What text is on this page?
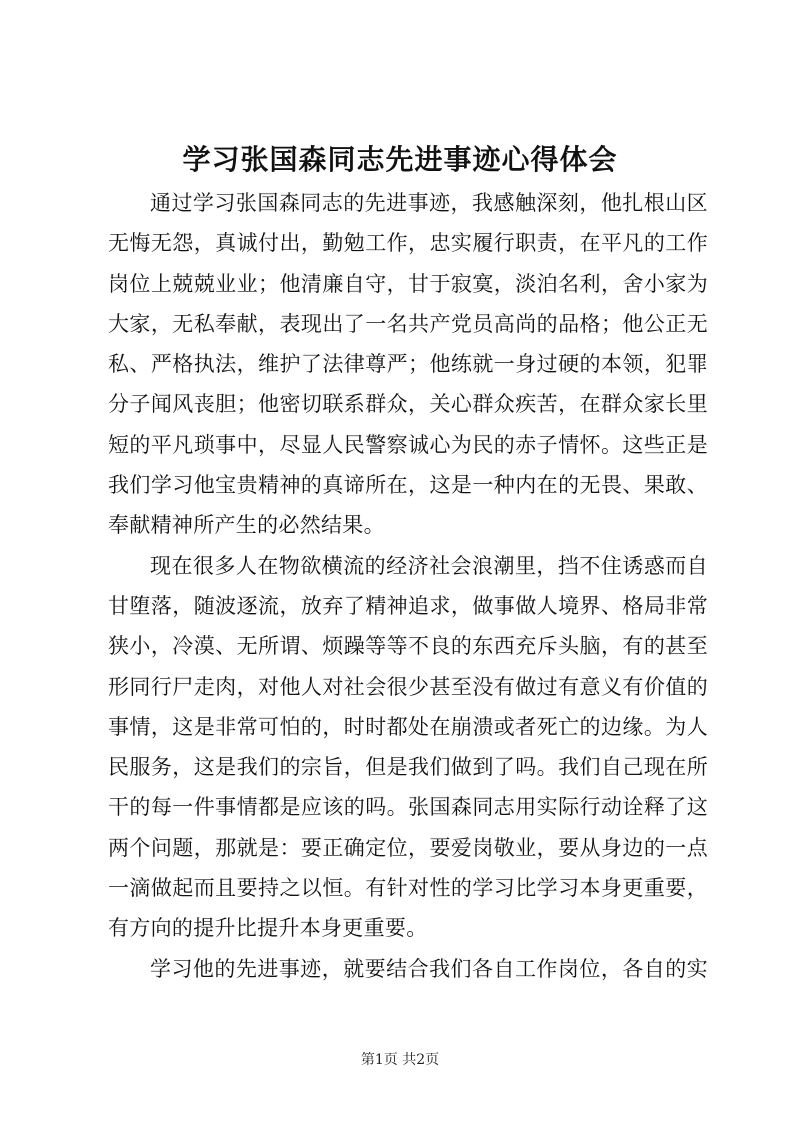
学习张国森同志先进事迹心得体会

通过学习张国森同志的先进事迹，我感触深刻，他扎根山区
无悔无怨，真诚付出，勤勉工作，忠实履行职责，在平凡的工作
岗位上兢兢业业；他清廉自守，甘于寂寞，淡泊名利，舍小家为
大家，无私奉献，表现出了一名共产党员高尚的品格；他公正无
私、严格执法，维护了法律尊严；他练就一身过硬的本领，犯罪
分子闻风丧胆；他密切联系群众，关心群众疾苦，在群众家长里
短的平凡琐事中，尽显人民警察诚心为民的赤子情怀。这些正是
我们学习他宝贵精神的真谛所在，这是一种内在的无畏、果敢、
奉献精神所产生的必然结果。

现在很多人在物欲横流的经济社会浪潮里，挡不住诱惑而自
甘堕落，随波逐流，放弃了精神追求，做事做人境界、格局非常
狭小，冷漠、无所谓、烦躁等等不良的东西充斥头脑，有的甚至
形同行尸走肉，对他人对社会很少甚至没有做过有意义有价值的
事情，这是非常可怕的，时时都处在崩溃或者死亡的边缘。为人
民服务，这是我们的宗旨，但是我们做到了吗。我们自己现在所
干的每一件事情都是应该的吗。张国森同志用实际行动诠释了这
两个问题，那就是：要正确定位，要爱岗敬业，要从身边的一点
一滴做起而且要持之以恒。有针对性的学习比学习本身更重要，
有方向的提升比提升本身更重要。

学习他的先进事迹，就要结合我们各自工作岗位，各自的实

第1页 共2页
